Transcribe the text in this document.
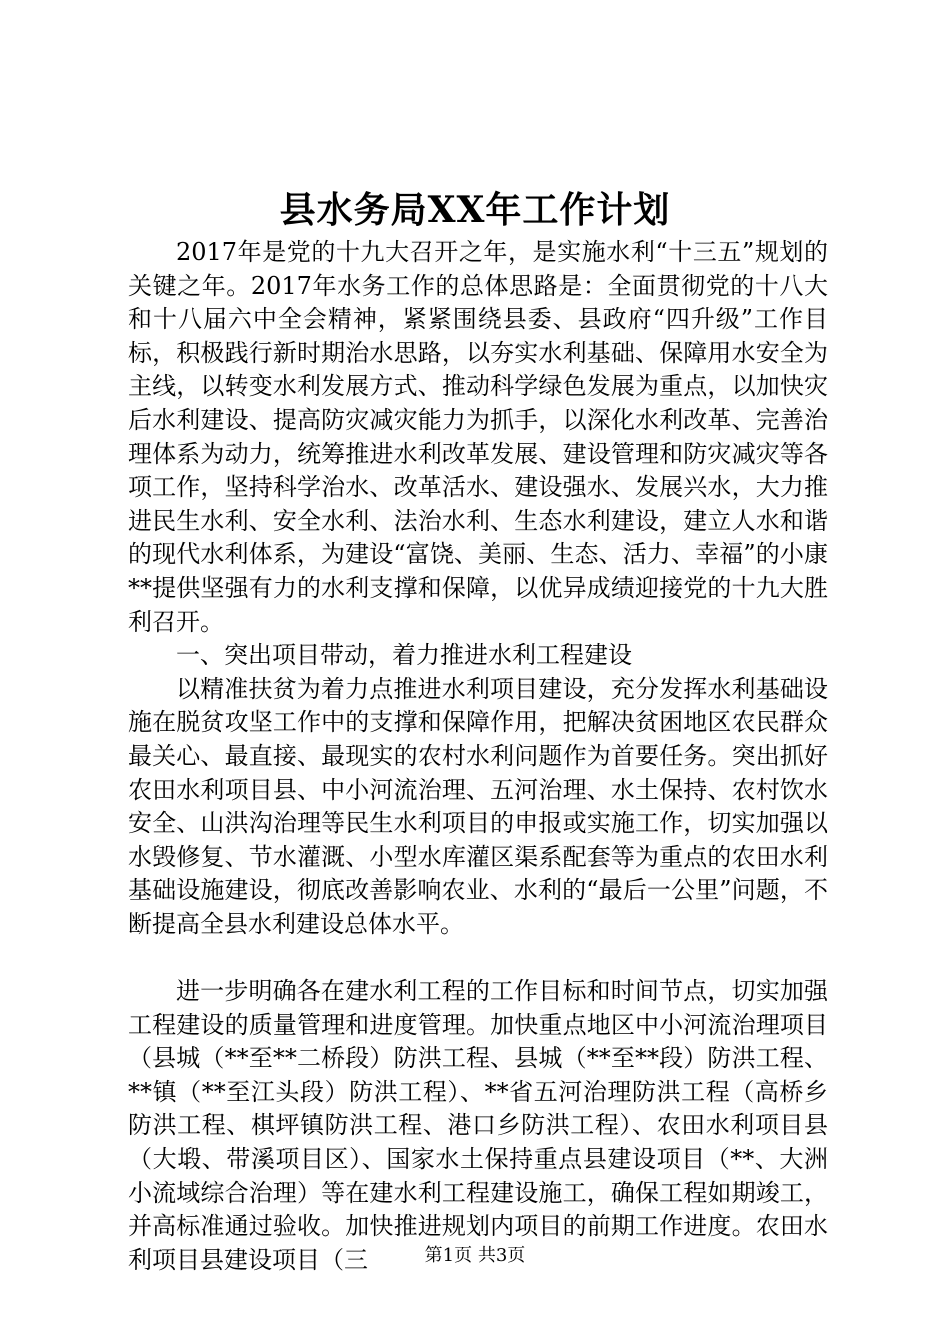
县水务局XX年工作计划

2017年是党的十九大召开之年，是实施水利“十三五”规划的关键之年。2017年水务工作的总体思路是：全面贯彻党的十八大和十八届六中全会精神，紧紧围绕县委、县政府“四升级”工作目标，积极践行新时期治水思路，以夯实水利基础、保障用水安全为主线，以转变水利发展方式、推动科学绿色发展为重点，以加快灾后水利建设、提高防灾减灾能力为抓手，以深化水利改革、完善治理体系为动力，统筹推进水利改革发展、建设管理和防灾减灾等各项工作，坚持科学治水、改革活水、建设强水、发展兴水，大力推进民生水利、安全水利、法治水利、生态水利建设，建立人水和谐的现代水利体系，为建设“富饶、美丽、生态、活力、幸福”的小康**提供坚强有力的水利支撑和保障，以优异成绩迎接党的十九大胜利召开。

一、突出项目带动，着力推进水利工程建设

以精准扶贫为着力点推进水利项目建设，充分发挥水利基础设施在脱贫攻坚工作中的支撑和保障作用，把解决贫困地区农民群众最关心、最直接、最现实的农村水利问题作为首要任务。突出抓好农田水利项目县、中小河流治理、五河治理、水土保持、农村饮水安全、山洪沟治理等民生水利项目的申报或实施工作，切实加强以水毁修复、节水灌溉、小型水库灌区渠系配套等为重点的农田水利基础设施建设，彻底改善影响农业、水利的“最后一公里”问题，不断提高全县水利建设总体水平。

进一步明确各在建水利工程的工作目标和时间节点，切实加强工程建设的质量管理和进度管理。加快重点地区中小河流治理项目（县城（**至**二桥段）防洪工程、县城（**至**段）防洪工程、**镇（**至江头段）防洪工程）、**省五河治理防洪工程（高桥乡防洪工程、棋坪镇防洪工程、港口乡防洪工程）、农田水利项目县（大塅、带溪项目区）、国家水土保持重点县建设项目（**、大洲小流域综合治理）等在建水利工程建设施工，确保工程如期竣工，并高标准通过验收。加快推进规划内项目的前期工作进度。农田水利项目县建设项目（三	第1页 共3页
